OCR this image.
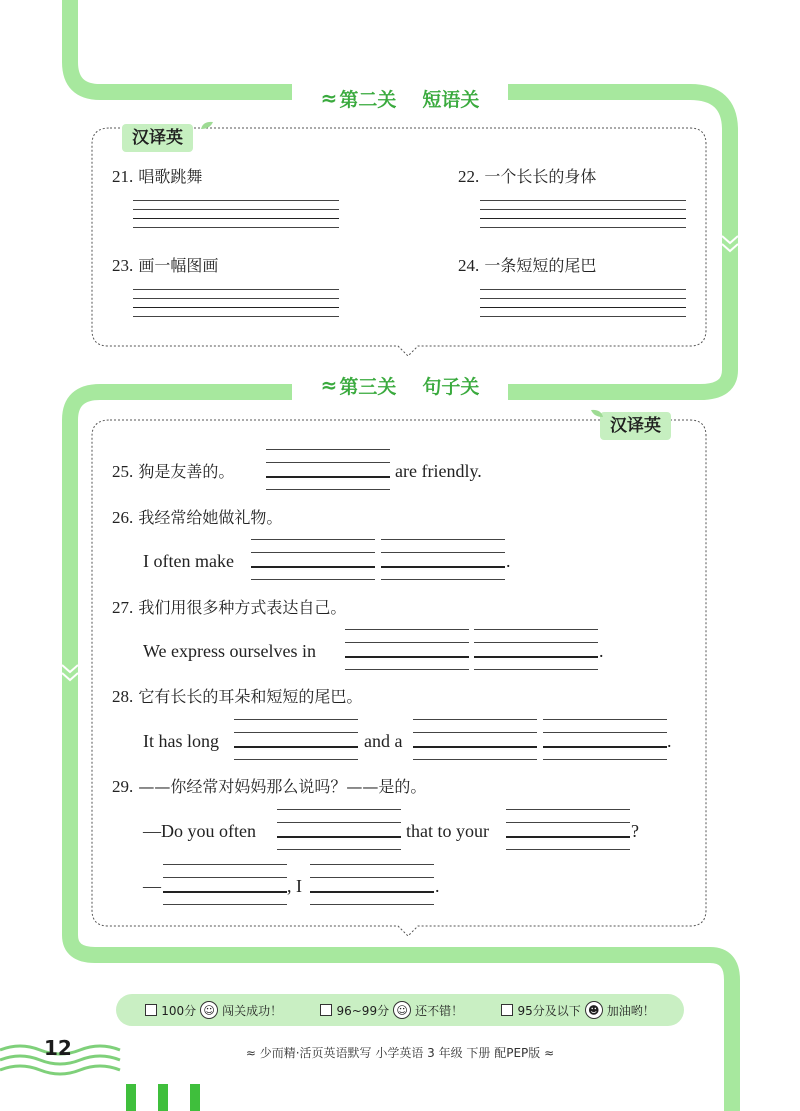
≈ 第二关 短语关
汉译英
21. 唱歌跳舞	22. 一个长长的身体
23. 画一幅图画	24. 一条短短的尾巴
≈ 第三关 句子关
汉译英
25. 狗是友善的。	are friendly.
26. 我经常给她做礼物。
I often make	.
27. 我们用很多种方式表达自己。
We express ourselves in	.
28. 它有长长的耳朵和短短的尾巴。
It has long	and a	.
29. ——你经常对妈妈那么说吗？——是的。
—Do you often	that to your	?
—	, I	.
100分 ☺ 闯关成功！	96~99分 ☺ 还不错！	95分及以下 ☻ 加油哟！
12	≈ 少而精·活页英语默写 小学英语 3 年级 下册 配PEP版 ≈
